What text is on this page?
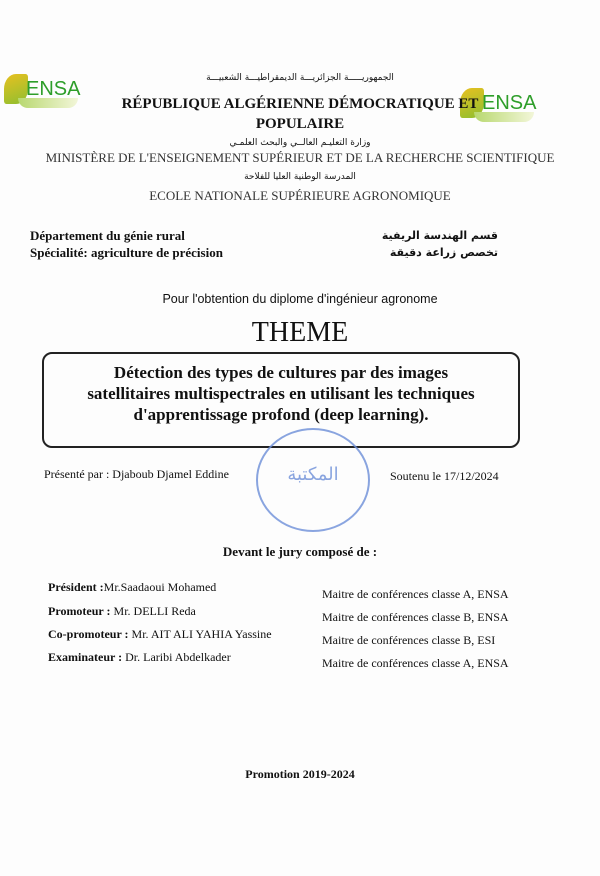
ENSA
ENSA
الجمهوريـــــة الجزائريـــة الديمقراطيـــة الشعبيـــة
RÉPUBLIQUE ALGÉRIENNE DÉMOCRATIQUE ET
POPULAIRE
وزارة التعليـم العالــي والبحث العلمـي
MINISTÈRE DE L'ENSEIGNEMENT SUPÉRIEUR ET DE LA RECHERCHE SCIENTIFIQUE
المدرسة الوطنية العليا للفلاحة
ECOLE NATIONALE SUPÉRIEURE AGRONOMIQUE
Département du génie rural
Spécialité: agriculture de précision
قسم الهندسة الريفية
تخصص زراعة دقيقة
Pour l'obtention du diplome d'ingénieur agronome
THEME
Détection des types de cultures par des images
satellitaires multispectrales en utilisant les techniques
d'apprentissage profond (deep learning).
المكتبة
Présenté par : Djaboub Djamel Eddine	Soutenu le 17/12/2024
Devant le jury composé de :
Président :Mr.Saadaoui Mohamed	Maitre de conférences classe A, ENSA
Promoteur : Mr. DELLI Reda	Maitre de conférences classe B, ENSA
Co-promoteur : Mr. AIT ALI YAHIA Yassine	Maitre de conférences classe B, ESI
Examinateur : Dr. Laribi Abdelkader	Maitre de conférences classe A, ENSA
Promotion 2019-2024
